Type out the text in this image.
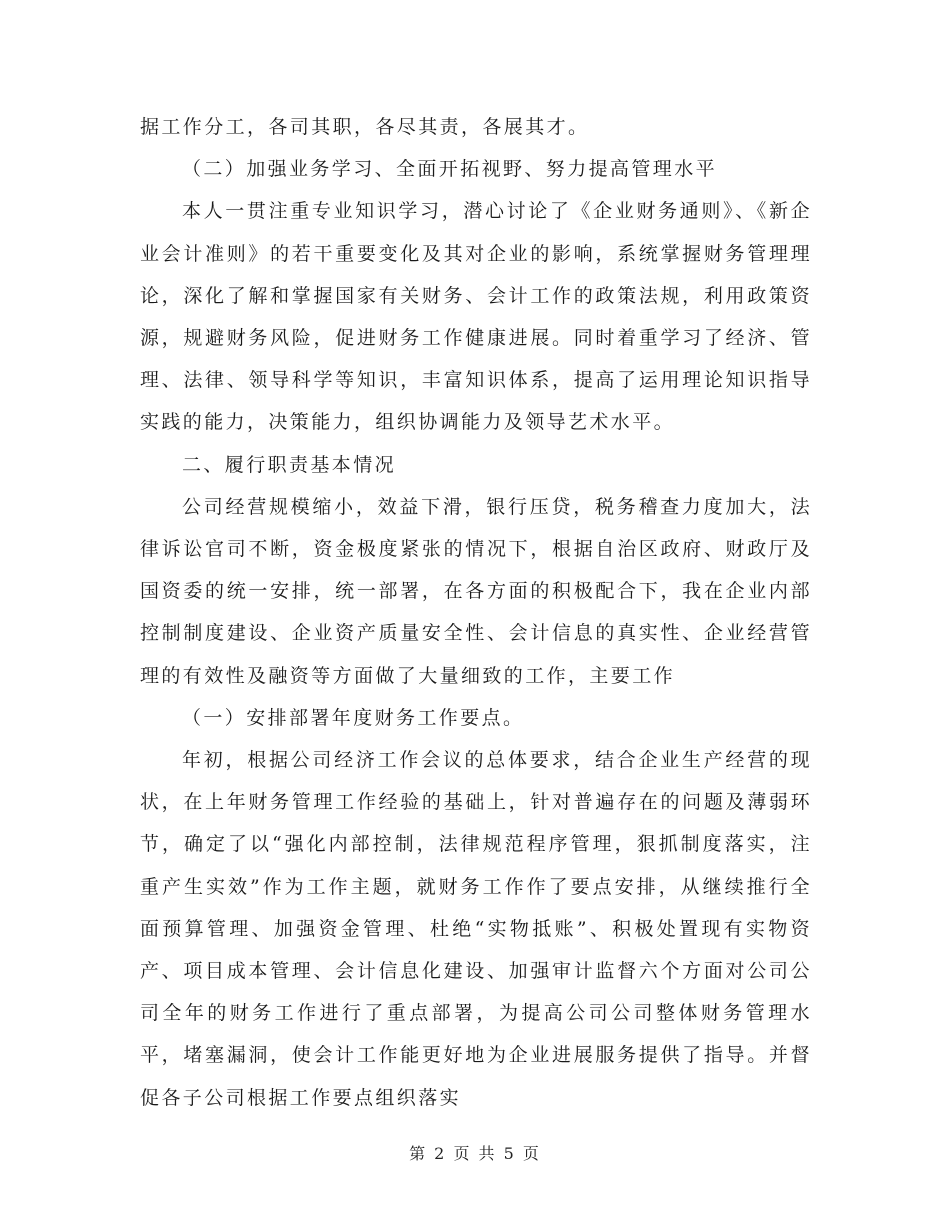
据工作分工，各司其职，各尽其责，各展其才。

（二）加强业务学习、全面开拓视野、努力提高管理水平

本人一贯注重专业知识学习，潜心讨论了《企业财务通则》、《新企业会计准则》的若干重要变化及其对企业的影响，系统掌握财务管理理论，深化了解和掌握国家有关财务、会计工作的政策法规，利用政策资源，规避财务风险，促进财务工作健康进展。同时着重学习了经济、管理、法律、领导科学等知识，丰富知识体系，提高了运用理论知识指导实践的能力，决策能力，组织协调能力及领导艺术水平。

二、履行职责基本情况

公司经营规模缩小，效益下滑，银行压贷，税务稽查力度加大，法律诉讼官司不断，资金极度紧张的情况下，根据自治区政府、财政厅及国资委的统一安排，统一部署，在各方面的积极配合下，我在企业内部控制制度建设、企业资产质量安全性、会计信息的真实性、企业经营管理的有效性及融资等方面做了大量细致的工作，主要工作

（一）安排部署年度财务工作要点。

年初，根据公司经济工作会议的总体要求，结合企业生产经营的现状，在上年财务管理工作经验的基础上，针对普遍存在的问题及薄弱环节，确定了以“强化内部控制，法律规范程序管理，狠抓制度落实，注重产生实效”作为工作主题，就财务工作作了要点安排，从继续推行全面预算管理、加强资金管理、杜绝“实物抵账”、积极处置现有实物资产、项目成本管理、会计信息化建设、加强审计监督六个方面对公司公司全年的财务工作进行了重点部署，为提高公司公司整体财务管理水平，堵塞漏洞，使会计工作能更好地为企业进展服务提供了指导。并督促各子公司根据工作要点组织落实

第 2 页 共 5 页
